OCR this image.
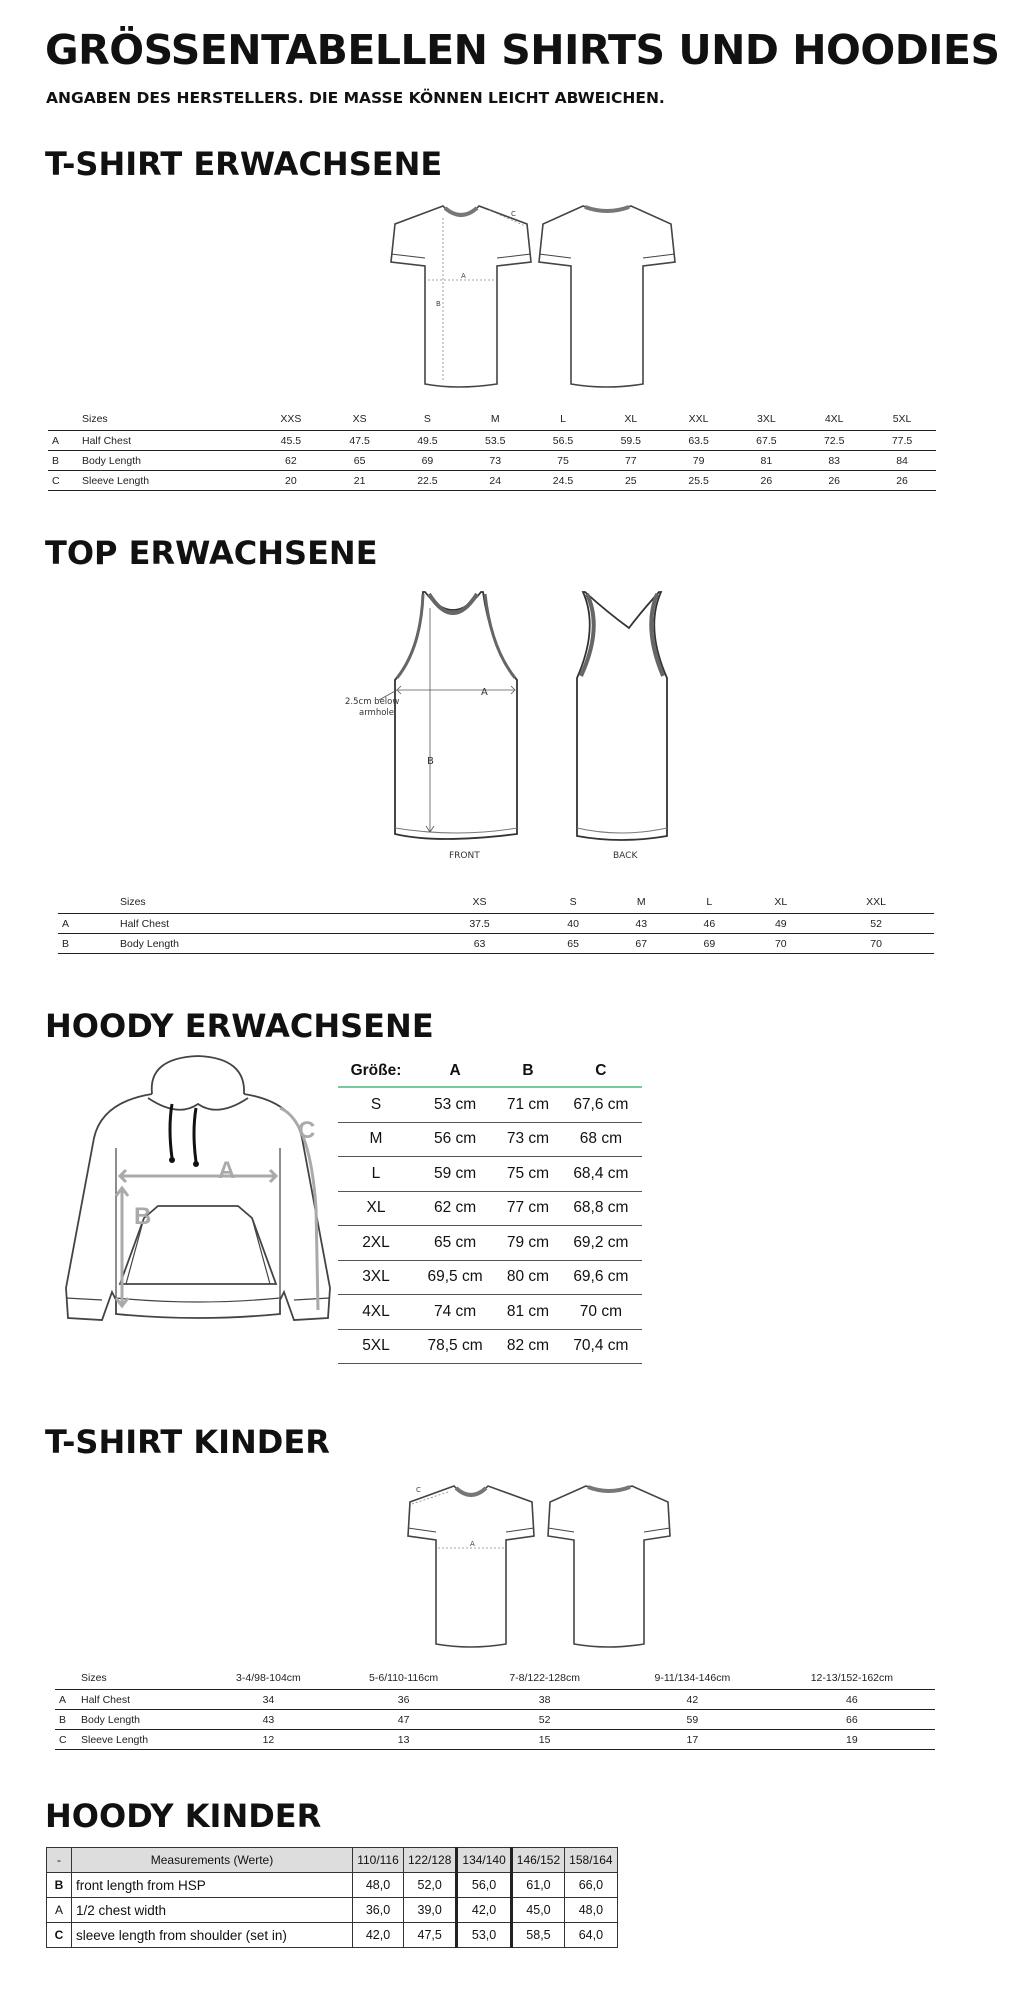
GRÖSSENTABELLEN SHIRTS UND HOODIES
ANGABEN DES HERSTELLERS. DIE MASSE KÖNNEN LEICHT ABWEICHEN.
T-SHIRT ERWACHSENE
A
B
C
	Sizes	XXS	XS	S	M	L	XL	XXL	3XL	4XL	5XL
A	Half Chest	45.5	47.5	49.5	53.5	56.5	59.5	63.5	67.5	72.5	77.5
B	Body Length	62	65	69	73	75	77	79	81	83	84
C	Sleeve Length	20	21	22.5	24	24.5	25	25.5	26	26	26
TOP ERWACHSENE
A
B
2.5cm below
armhole
FRONT	BACK
	Sizes	XS	S	M	L	XL	XXL
A	Half Chest	37.5	40	43	46	49	52
B	Body Length	63	65	67	69	70	70
HOODY ERWACHSENE
A
B
C
Größe:	A	B	C
S	53 cm	71 cm	67,6 cm
M	56 cm	73 cm	68 cm
L	59 cm	75 cm	68,4 cm
XL	62 cm	77 cm	68,8 cm
2XL	65 cm	79 cm	69,2 cm
3XL	69,5 cm	80 cm	69,6 cm
4XL	74 cm	81 cm	70 cm
5XL	78,5 cm	82 cm	70,4 cm
T-SHIRT KINDER
A
C
	Sizes	3-4/98-104cm	5-6/110-116cm	7-8/122-128cm	9-11/134-146cm	12-13/152-162cm
A	Half Chest	34	36	38	42	46
B	Body Length	43	47	52	59	66
C	Sleeve Length	12	13	15	17	19
HOODY KINDER
-	Measurements (Werte)	110/116	122/128	134/140	146/152	158/164
B	front length from HSP	48,0	52,0	56,0	61,0	66,0
A	1/2 chest width	36,0	39,0	42,0	45,0	48,0
C	sleeve length from shoulder (set in)	42,0	47,5	53,0	58,5	64,0
